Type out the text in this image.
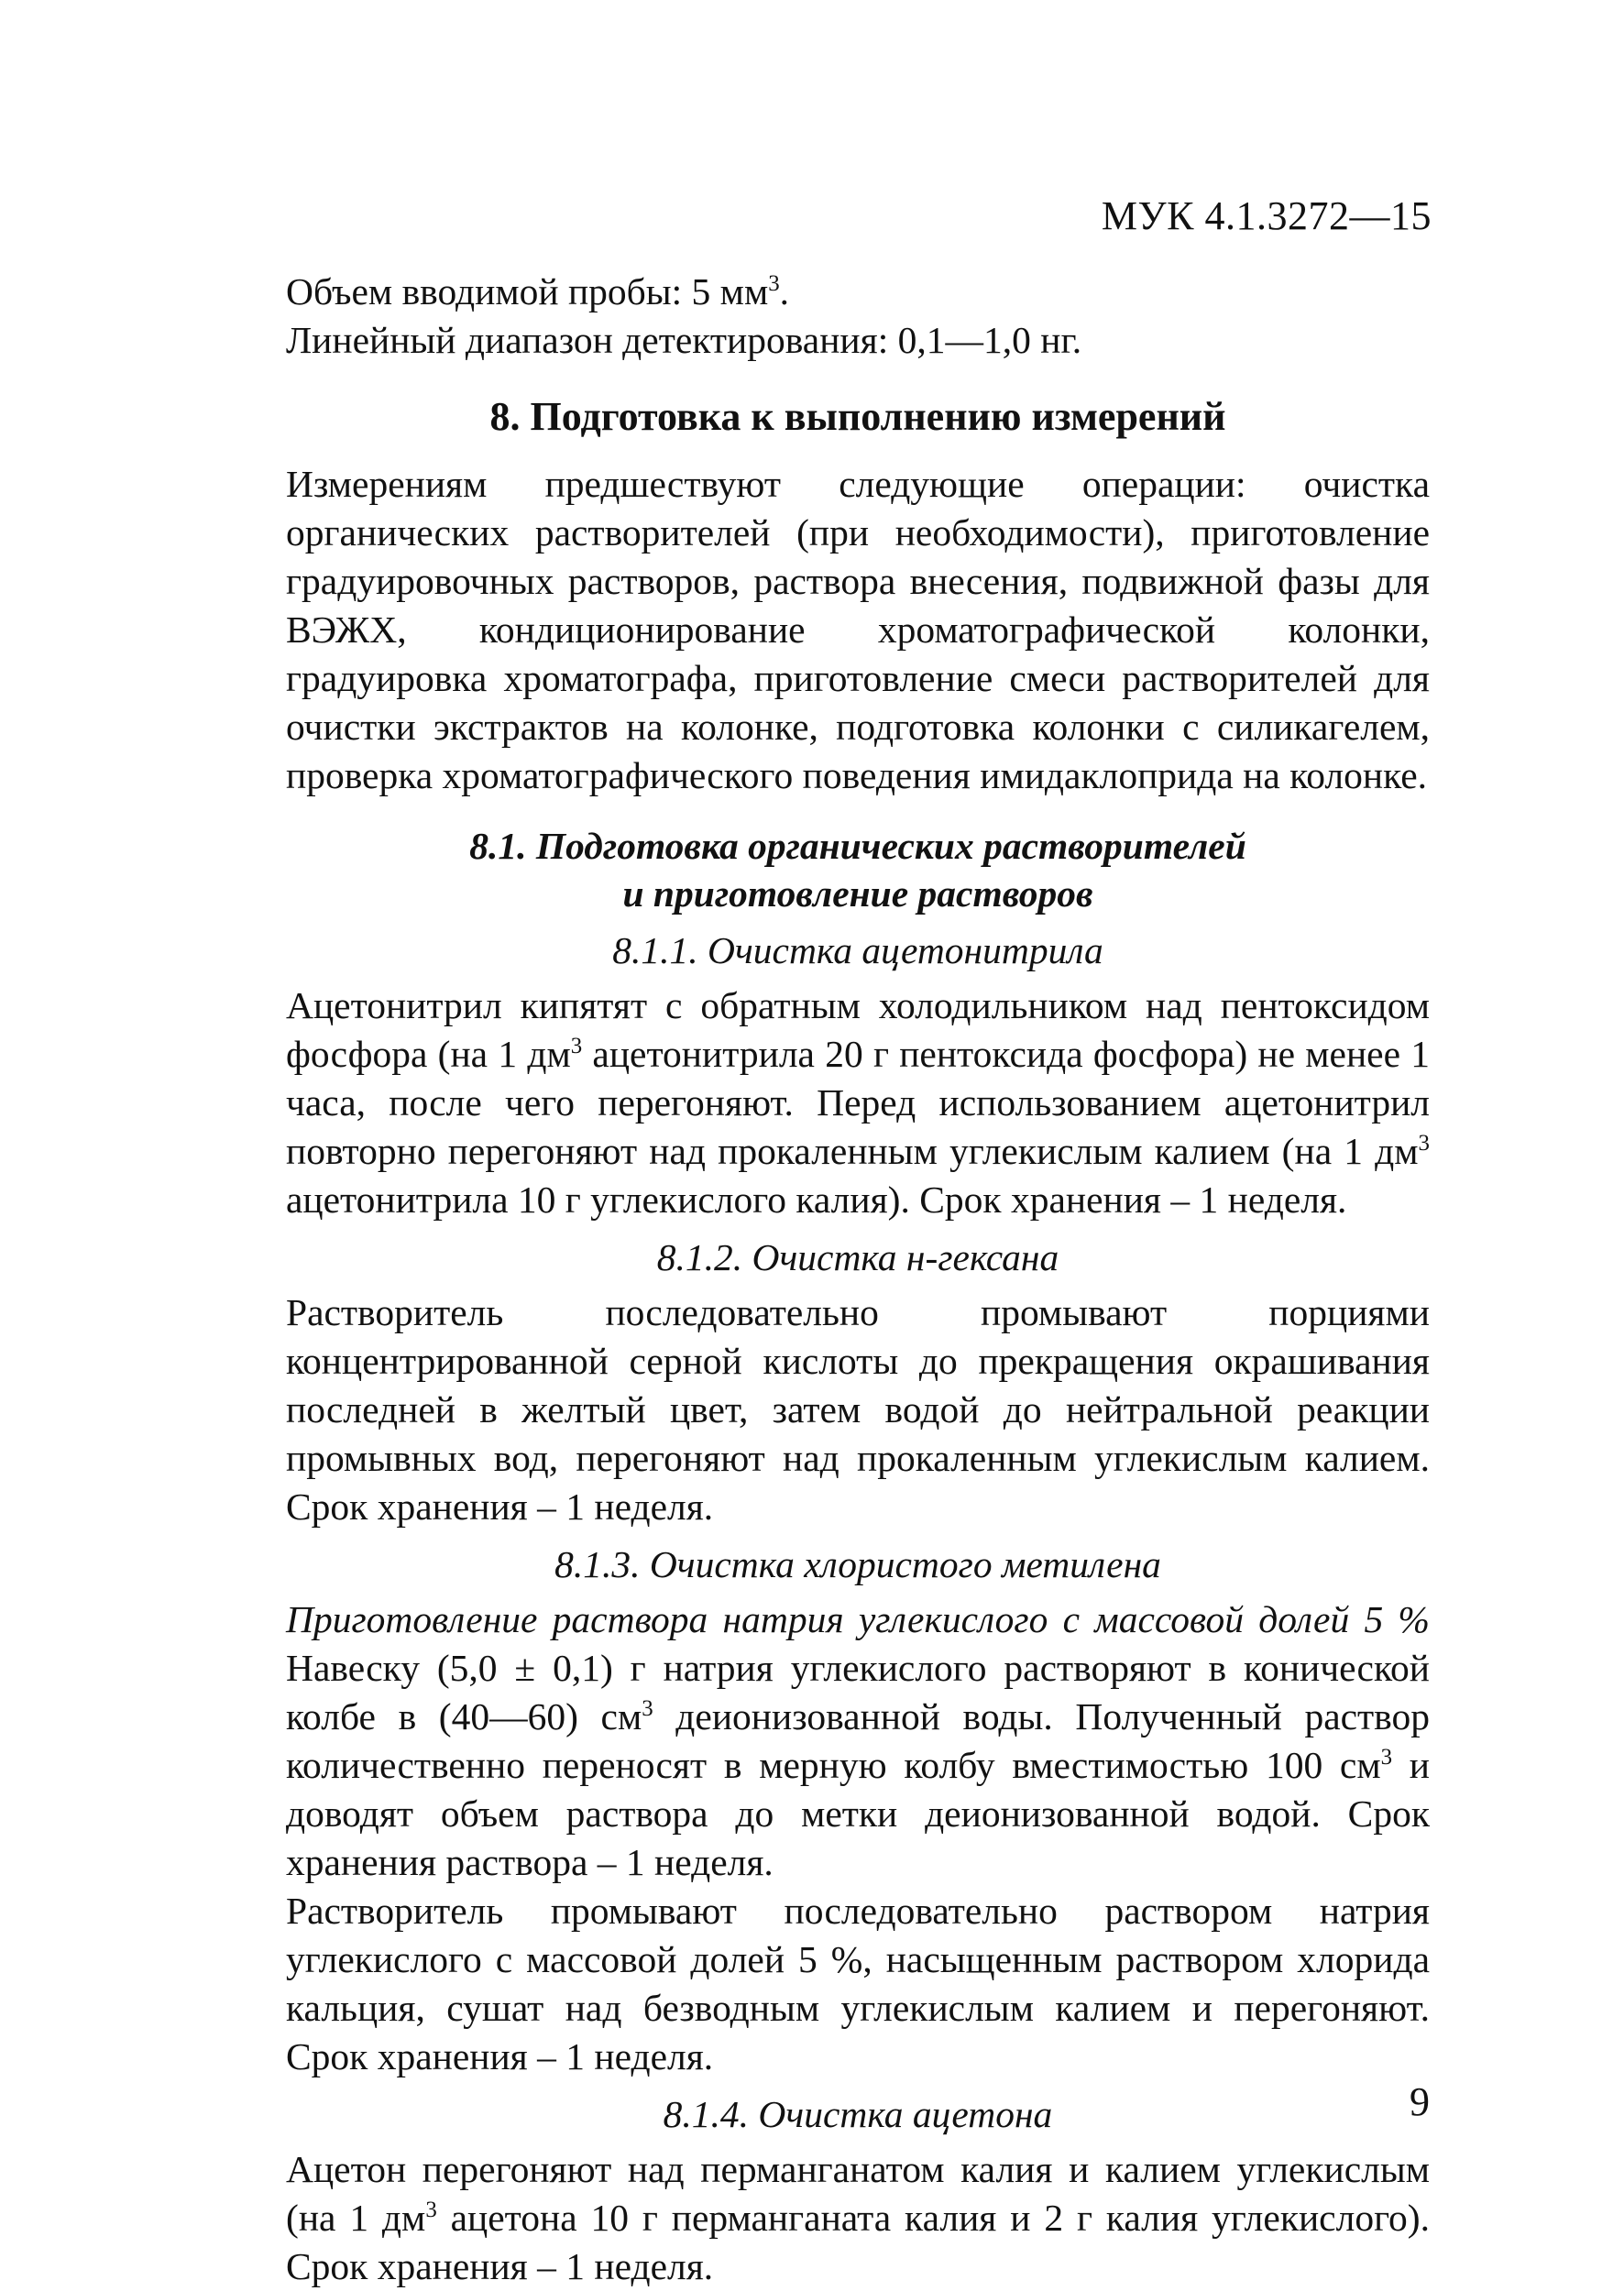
МУК 4.1.3272—15

Объем вводимой пробы: 5 $мм^3$.

Линейный диапазон детектирования: 0,1—1,0 нг.

8. Подготовка к выполнению измерений

Измерениям предшествуют следующие операции: очистка органических растворителей (при необходимости), приготовление градуировочных растворов, раствора внесения, подвижной фазы для ВЭЖХ, кондиционирование хроматографической колонки, градуировка хроматографа, приготовление смеси растворителей для очистки экстрактов на колонке, подготовка колонки с силикагелем, проверка хроматографического поведения имидаклоприда на колонке.

8.1. Подготовка органических растворителей
и приготовление растворов
8.1.1. Очистка ацетонитрила

Ацетонитрил кипятят с обратным холодильником над пентоксидом фосфора (на 1 $дм^3$ ацетонитрила 20 г пентоксида фосфора) не менее 1 часа, после чего перегоняют. Перед использованием ацетонитрил повторно перегоняют над прокаленным углекислым калием (на 1 $дм^3$ ацетонитрила 10 г углекислого калия). Срок хранения – 1 неделя.

8.1.2. Очистка н-гексана

Растворитель последовательно промывают порциями концентрированной серной кислоты до прекращения окрашивания последней в желтый цвет, затем водой до нейтральной реакции промывных вод, перегоняют над прокаленным углекислым калием. Срок хранения – 1 неделя.

8.1.3. Очистка хлористого метилена

Приготовление раствора натрия углекислого с массовой долей 5 %

Навеску (5,0 ± 0,1) г натрия углекислого растворяют в конической колбе в (40—60) $см^3$ деионизованной воды. Полученный раствор количественно переносят в мерную колбу вместимостью 100 $см^3$ и доводят объем раствора до метки деионизованной водой. Срок хранения раствора – 1 неделя.

Растворитель промывают последовательно раствором натрия углекислого с массовой долей 5 %, насыщенным раствором хлорида кальция, сушат над безводным углекислым калием и перегоняют. Срок хранения – 1 неделя.

8.1.4. Очистка ацетона

Ацетон перегоняют над перманганатом калия и калием углекислым (на 1 $дм^3$ ацетона 10 г перманганата калия и 2 г калия углекислого). Срок хранения – 1 неделя.

9
